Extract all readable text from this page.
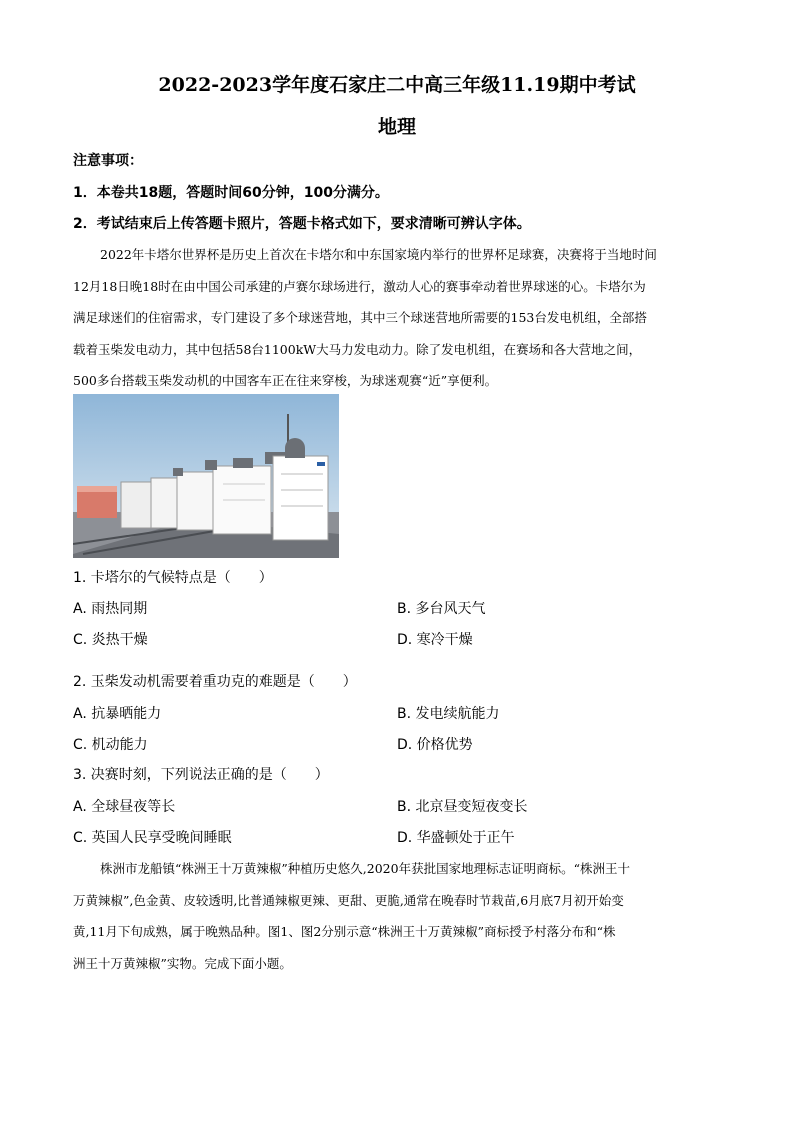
2022-2023学年度石家庄二中高三年级11.19期中考试
地理
注意事项：
1．本卷共18题，答题时间60分钟，100分满分。
2．考试结束后上传答题卡照片，答题卡格式如下，要求清晰可辨认字体。
2022年卡塔尔世界杯是历史上首次在卡塔尔和中东国家境内举行的世界杯足球赛，决赛将于当地时间
12月18日晚18时在由中国公司承建的卢赛尔球场进行，激动人心的赛事牵动着世界球迷的心。卡塔尔为
满足球迷们的住宿需求，专门建设了多个球迷营地，其中三个球迷营地所需要的153台发电机组，全部搭
载着玉柴发电动力，其中包括58台1100kW大马力发电动力。除了发电机组，在赛场和各大营地之间，
500多台搭载玉柴发动机的中国客车正在往来穿梭，为球迷观赛“近”享便利。
1. 卡塔尔的气候特点是（　　）
A. 雨热同期	B. 多台风天气
C. 炎热干燥	D. 寒冷干燥
2. 玉柴发动机需要着重功克的难题是（　　）
A. 抗暴晒能力	B. 发电续航能力
C. 机动能力	D. 价格优势
3. 决赛时刻，下列说法正确的是（　　）
A. 全球昼夜等长	B. 北京昼变短夜变长
C. 英国人民享受晚间睡眠	D. 华盛顿处于正午
株洲市龙船镇“株洲王十万黄辣椒”种植历史悠久,2020年获批国家地理标志证明商标。“株洲王十
万黄辣椒”,色金黄、皮较透明,比普通辣椒更辣、更甜、更脆,通常在晚春时节栽苗,6月底7月初开始变
黄,11月下旬成熟，属于晚熟品种。图1、图2分别示意“株洲王十万黄辣椒”商标授予村落分布和“株
洲王十万黄辣椒”实物。完成下面小题。
